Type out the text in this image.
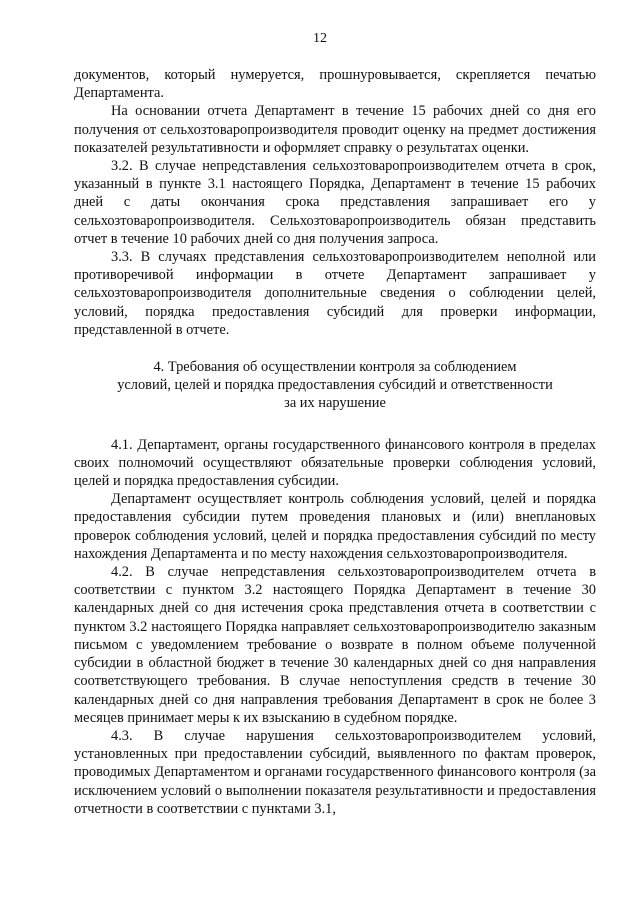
12

документов, который нумеруется, прошнуровывается, скрепляется печатью Департамента.

На основании отчета Департамент в течение 15 рабочих дней со дня его получения от сельхозтоваропроизводителя проводит оценку на предмет достижения показателей результативности и оформляет справку о результатах оценки.

3.2. В случае непредставления сельхозтоваропроизводителем отчета в срок, указанный в пункте 3.1 настоящего Порядка, Департамент в течение 15 рабочих дней с даты окончания срока представления запрашивает его у сельхозтоваропроизводителя. Сельхозтоваропроизводитель обязан представить отчет в течение 10 рабочих дней со дня получения запроса.

3.3. В случаях представления сельхозтоваропроизводителем неполной или противоречивой информации в отчете Департамент запрашивает у сельхозтоваропроизводителя дополнительные сведения о соблюдении целей, условий, порядка предоставления субсидий для проверки информации, представленной в отчете.

4. Требования об осуществлении контроля за соблюдением
условий, целей и порядка предоставления субсидий и ответственности
за их нарушение

4.1. Департамент, органы государственного финансового контроля в пределах своих полномочий осуществляют обязательные проверки соблюдения условий, целей и порядка предоставления субсидии.

Департамент осуществляет контроль соблюдения условий, целей и порядка предоставления субсидии путем проведения плановых и (или) внеплановых проверок соблюдения условий, целей и порядка предоставления субсидий по месту нахождения Департамента и по месту нахождения сельхозтоваропроизводителя.

4.2. В случае непредставления сельхозтоваропроизводителем отчета в соответствии с пунктом 3.2 настоящего Порядка Департамент в течение 30 календарных дней со дня истечения срока представления отчета в соответствии с пунктом 3.2 настоящего Порядка направляет сельхозтоваропроизводителю заказным письмом с уведомлением требование о возврате в полном объеме полученной субсидии в областной бюджет в течение 30 календарных дней со дня направления соответствующего требования. В случае непоступления средств в течение 30 календарных дней со дня направления требования Департамент в срок не более 3 месяцев принимает меры к их взысканию в судебном порядке.

4.3. В случае нарушения сельхозтоваропроизводителем условий, установленных при предоставлении субсидий, выявленного по фактам проверок, проводимых Департаментом и органами государственного финансового контроля (за исключением условий о выполнении показателя результативности и предоставления отчетности в соответствии с пунктами 3.1,
